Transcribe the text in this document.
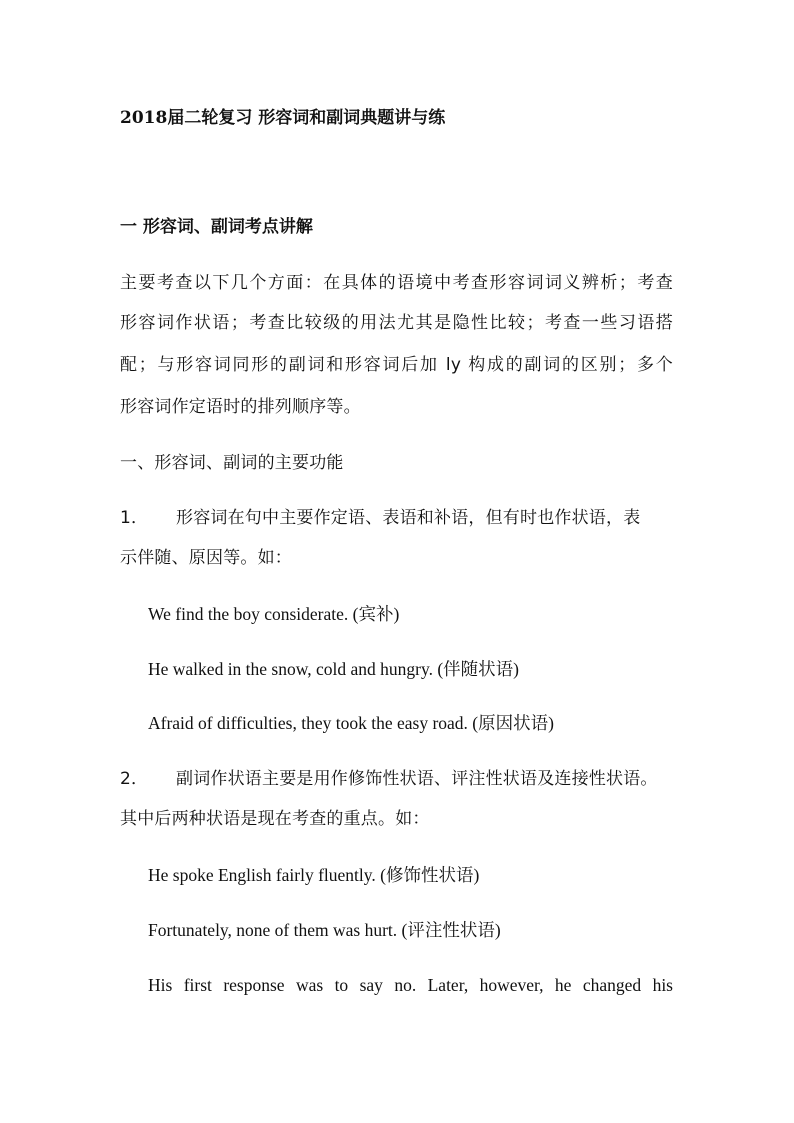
2018届二轮复习 形容词和副词典题讲与练
一 形容词、副词考点讲解
主要考查以下几个方面：在具体的语境中考查形容词词义辨析；考查
形容词作状语；考查比较级的用法尤其是隐性比较；考查一些习语搭
配；与形容词同形的副词和形容词后加 ly 构成的副词的区别；多个
形容词作定语时的排列顺序等。
一、形容词、副词的主要功能
1． 形容词在句中主要作定语、表语和补语，但有时也作状语，表
示伴随、原因等。如：
We find the boy considerate. (宾补)
He walked in the snow, cold and hungry. (伴随状语)
Afraid of difficulties, they took the easy road. (原因状语)
2． 副词作状语主要是用作修饰性状语、评注性状语及连接性状语。
其中后两种状语是现在考查的重点。如：
He spoke English fairly fluently. (修饰性状语)
Fortunately, none of them was hurt. (评注性状语)
His first response was to say no. Later, however, he changed his
